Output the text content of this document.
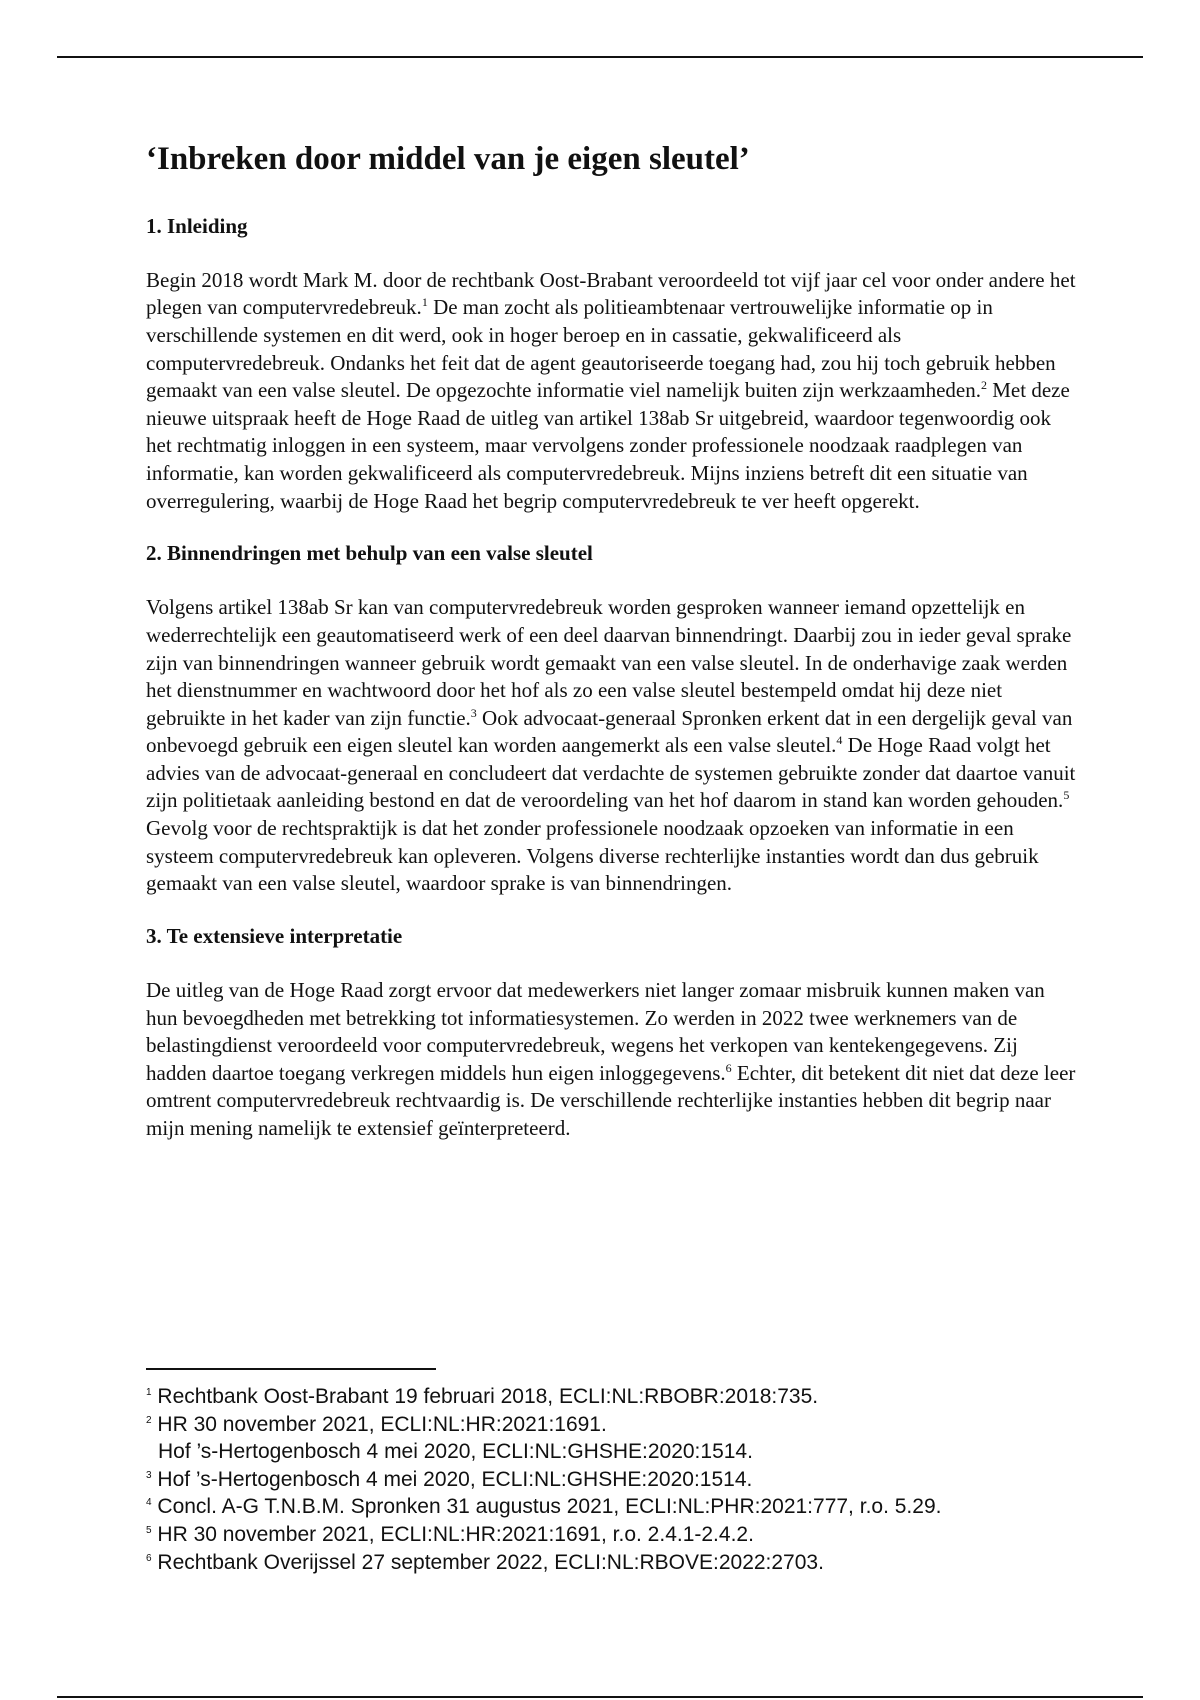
‘Inbreken door middel van je eigen sleutel’
1. Inleiding

Begin 2018 wordt Mark M. door de rechtbank Oost-Brabant veroordeeld tot vijf jaar cel voor onder andere het plegen van computervredebreuk.$^1$ De man zocht als politieambtenaar vertrouwelijke informatie op in verschillende systemen en dit werd, ook in hoger beroep en in cassatie, gekwalificeerd als computervredebreuk. Ondanks het feit dat de agent geautoriseerde toegang had, zou hij toch gebruik hebben gemaakt van een valse sleutel. De opgezochte informatie viel namelijk buiten zijn werkzaamheden.$^2$ Met deze nieuwe uitspraak heeft de Hoge Raad de uitleg van artikel 138ab Sr uitgebreid, waardoor tegenwoordig ook het rechtmatig inloggen in een systeem, maar vervolgens zonder professionele noodzaak raadplegen van informatie, kan worden gekwalificeerd als computervredebreuk. Mijns inziens betreft dit een situatie van overregulering, waarbij de Hoge Raad het begrip computervredebreuk te ver heeft opgerekt.

2. Binnendringen met behulp van een valse sleutel

Volgens artikel 138ab Sr kan van computervredebreuk worden gesproken wanneer iemand opzettelijk en wederrechtelijk een geautomatiseerd werk of een deel daarvan binnendringt. Daarbij zou in ieder geval sprake zijn van binnendringen wanneer gebruik wordt gemaakt van een valse sleutel. In de onderhavige zaak werden het dienstnummer en wachtwoord door het hof als zo een valse sleutel bestempeld omdat hij deze niet gebruikte in het kader van zijn functie.$^3$ Ook advocaat-generaal Spronken erkent dat in een dergelijk geval van onbevoegd gebruik een eigen sleutel kan worden aangemerkt als een valse sleutel.$^4$ De Hoge Raad volgt het advies van de advocaat-generaal en concludeert dat verdachte de systemen gebruikte zonder dat daartoe vanuit zijn politietaak aanleiding bestond en dat de veroordeling van het hof daarom in stand kan worden gehouden.$^5$ Gevolg voor de rechtspraktijk is dat het zonder professionele noodzaak opzoeken van informatie in een systeem computervredebreuk kan opleveren. Volgens diverse rechterlijke instanties wordt dan dus gebruik gemaakt van een valse sleutel, waardoor sprake is van binnendringen.

3. Te extensieve interpretatie

De uitleg van de Hoge Raad zorgt ervoor dat medewerkers niet langer zomaar misbruik kunnen maken van hun bevoegdheden met betrekking tot informatiesystemen. Zo werden in 2022 twee werknemers van de belastingdienst veroordeeld voor computervredebreuk, wegens het verkopen van kentekengegevens. Zij hadden daartoe toegang verkregen middels hun eigen inloggegevens.$^6$ Echter, dit betekent dit niet dat deze leer omtrent computervredebreuk rechtvaardig is. De verschillende rechterlijke instanties hebben dit begrip naar mijn mening namelijk te extensief geïnterpreteerd.

$^1$ Rechtbank Oost-Brabant 19 februari 2018, ECLI:NL:RBOBR:2018:735.

$^2$ HR 30 november 2021, ECLI:NL:HR:2021:1691.

Hof ’s-Hertogenbosch 4 mei 2020, ECLI:NL:GHSHE:2020:1514.

$^3$ Hof ’s-Hertogenbosch 4 mei 2020, ECLI:NL:GHSHE:2020:1514.

$^4$ Concl. A-G T.N.B.M. Spronken 31 augustus 2021, ECLI:NL:PHR:2021:777, r.o. 5.29.

$^5$ HR 30 november 2021, ECLI:NL:HR:2021:1691, r.o. 2.4.1-2.4.2.

$^6$ Rechtbank Overijssel 27 september 2022, ECLI:NL:RBOVE:2022:2703.
